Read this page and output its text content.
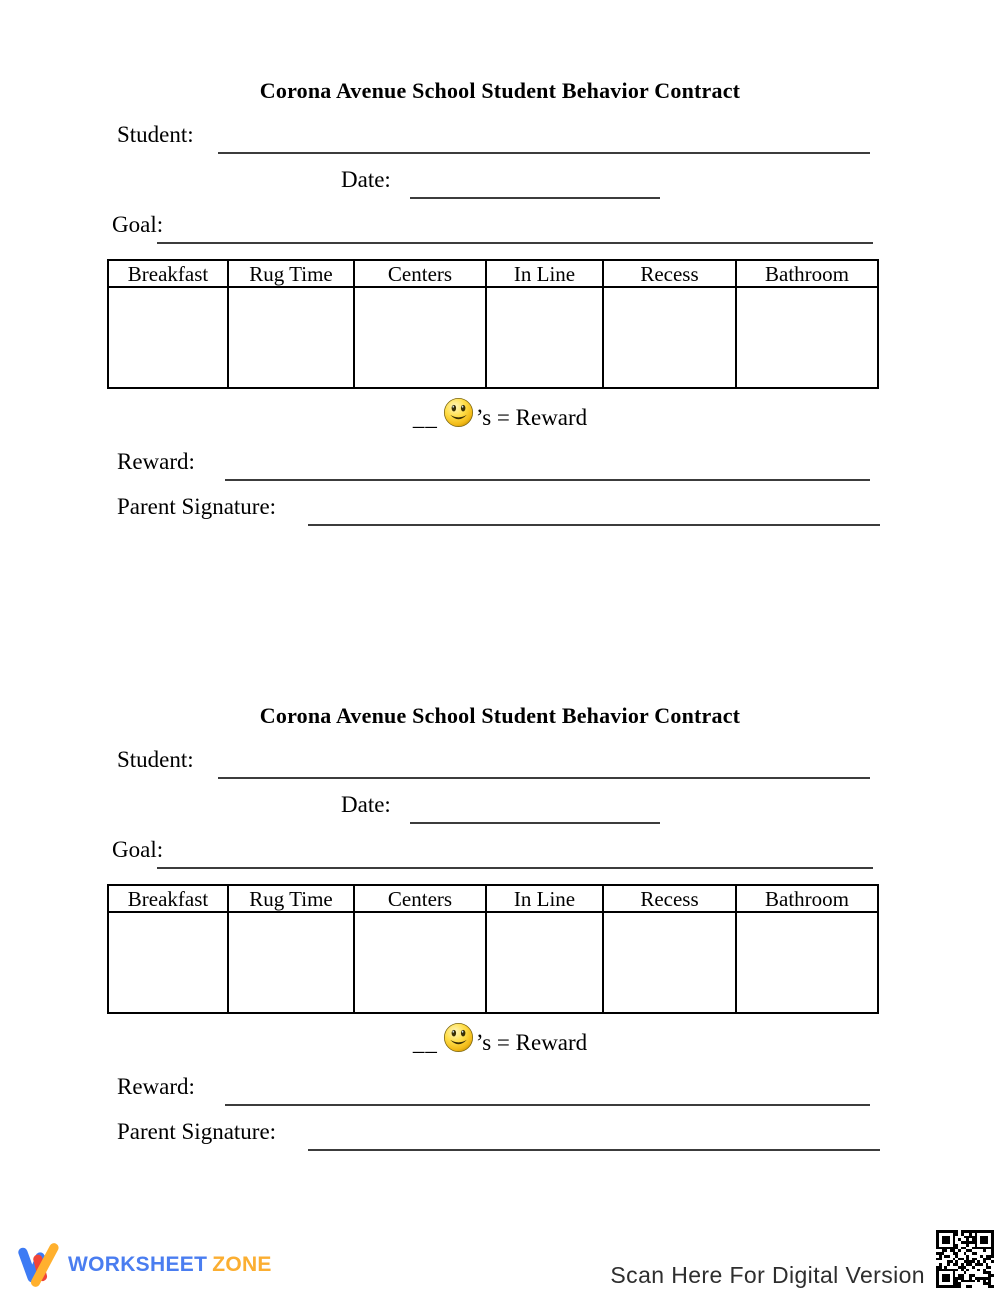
Corona Avenue School Student Behavior Contract
Student:
Date:
Goal:
Breakfast	Rug Time	Centers	In Line	Recess	Bathroom
__ ’s = Reward
Reward:
Parent Signature:
Corona Avenue School Student Behavior Contract
Student:
Date:
Goal:
Breakfast	Rug Time	Centers	In Line	Recess	Bathroom
__ ’s = Reward
Reward:
Parent Signature:
WORKSHEET ZONE	Scan Here For Digital Version
